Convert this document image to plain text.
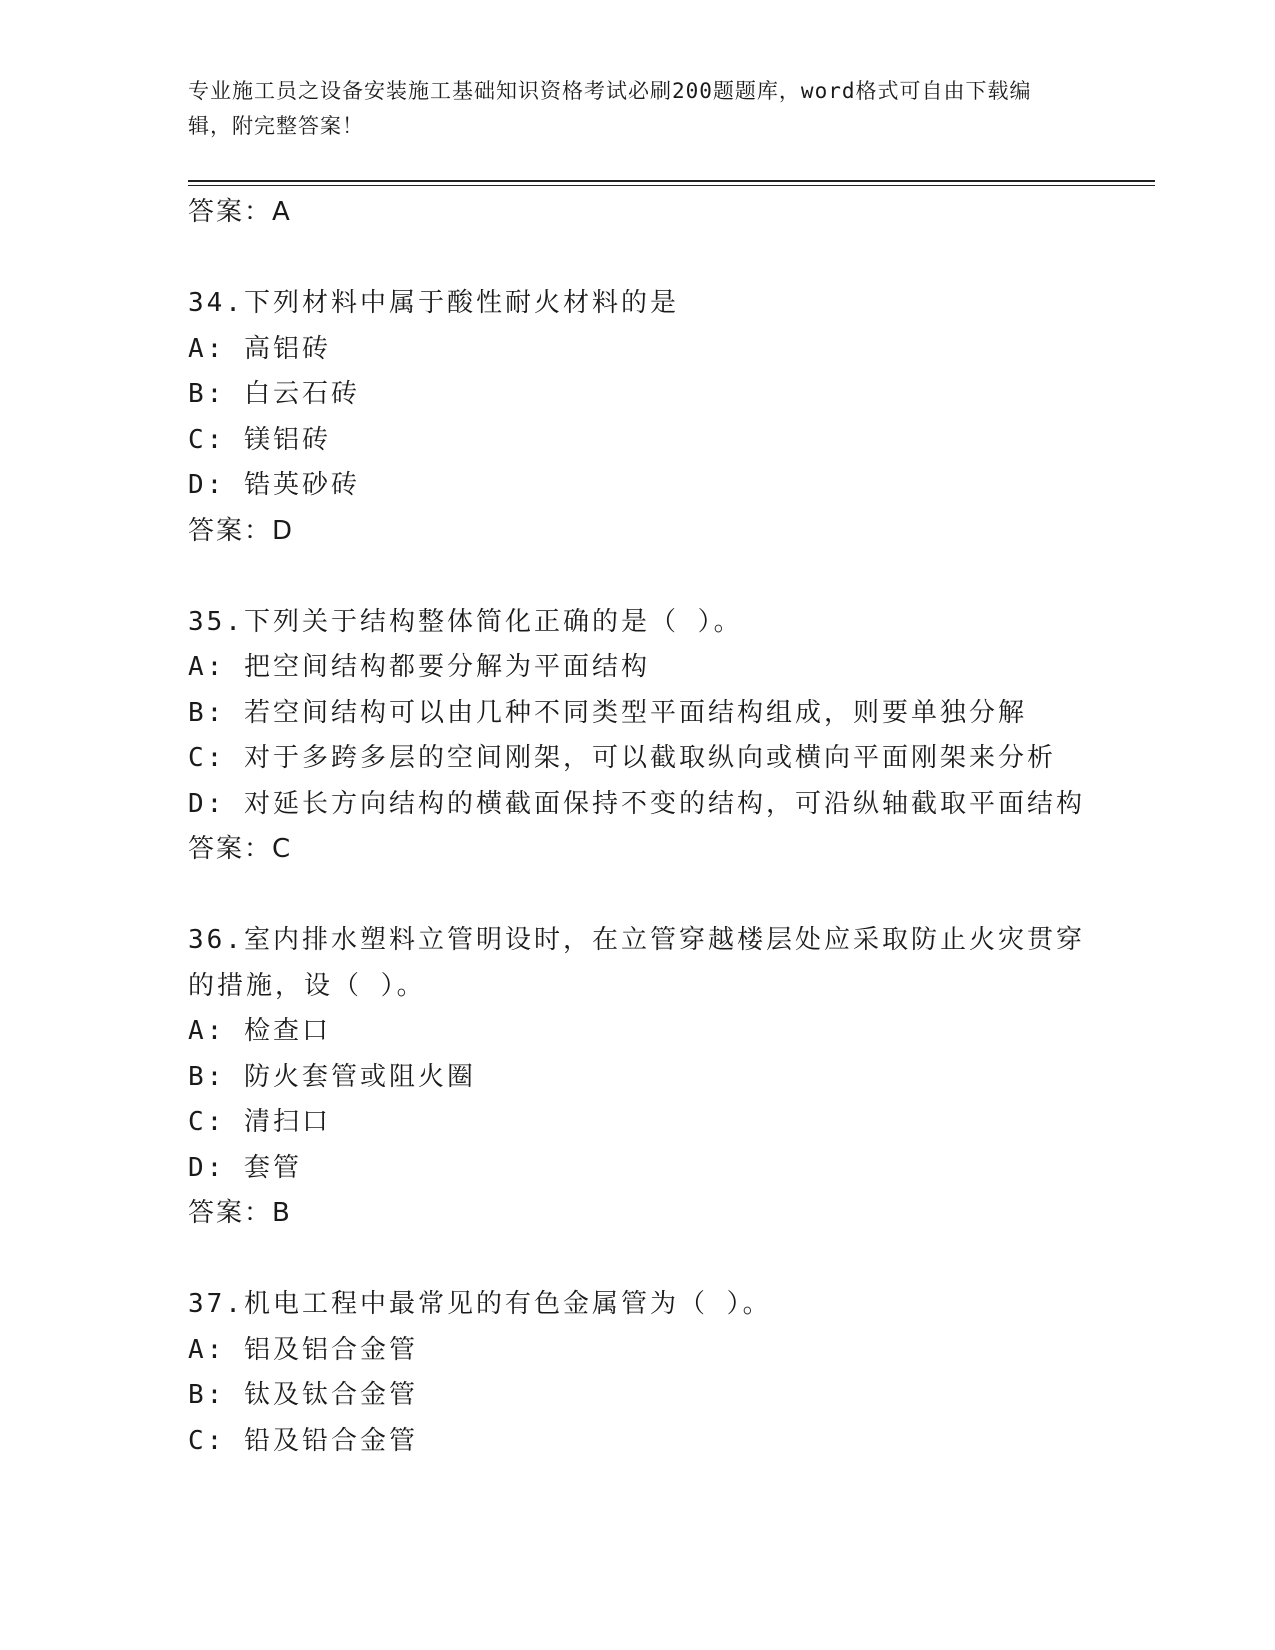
专业施工员之设备安装施工基础知识资格考试必刷200题题库，word格式可自由下载编辑，附完整答案！
答案：A
34.下列材料中属于酸性耐火材料的是
A: 高铝砖
B: 白云石砖
C: 镁铝砖
D: 锆英砂砖
答案：D
35.下列关于结构整体简化正确的是（ ）。
A: 把空间结构都要分解为平面结构
B: 若空间结构可以由几种不同类型平面结构组成，则要单独分解
C: 对于多跨多层的空间刚架，可以截取纵向或横向平面刚架来分析
D: 对延长方向结构的横截面保持不变的结构，可沿纵轴截取平面结构
答案：C
36.室内排水塑料立管明设时，在立管穿越楼层处应采取防止火灾贯穿的措施，设（ ）。
A: 检查口
B: 防火套管或阻火圈
C: 清扫口
D: 套管
答案：B
37.机电工程中最常见的有色金属管为（ ）。
A: 铝及铝合金管
B: 钛及钛合金管
C: 铅及铅合金管
